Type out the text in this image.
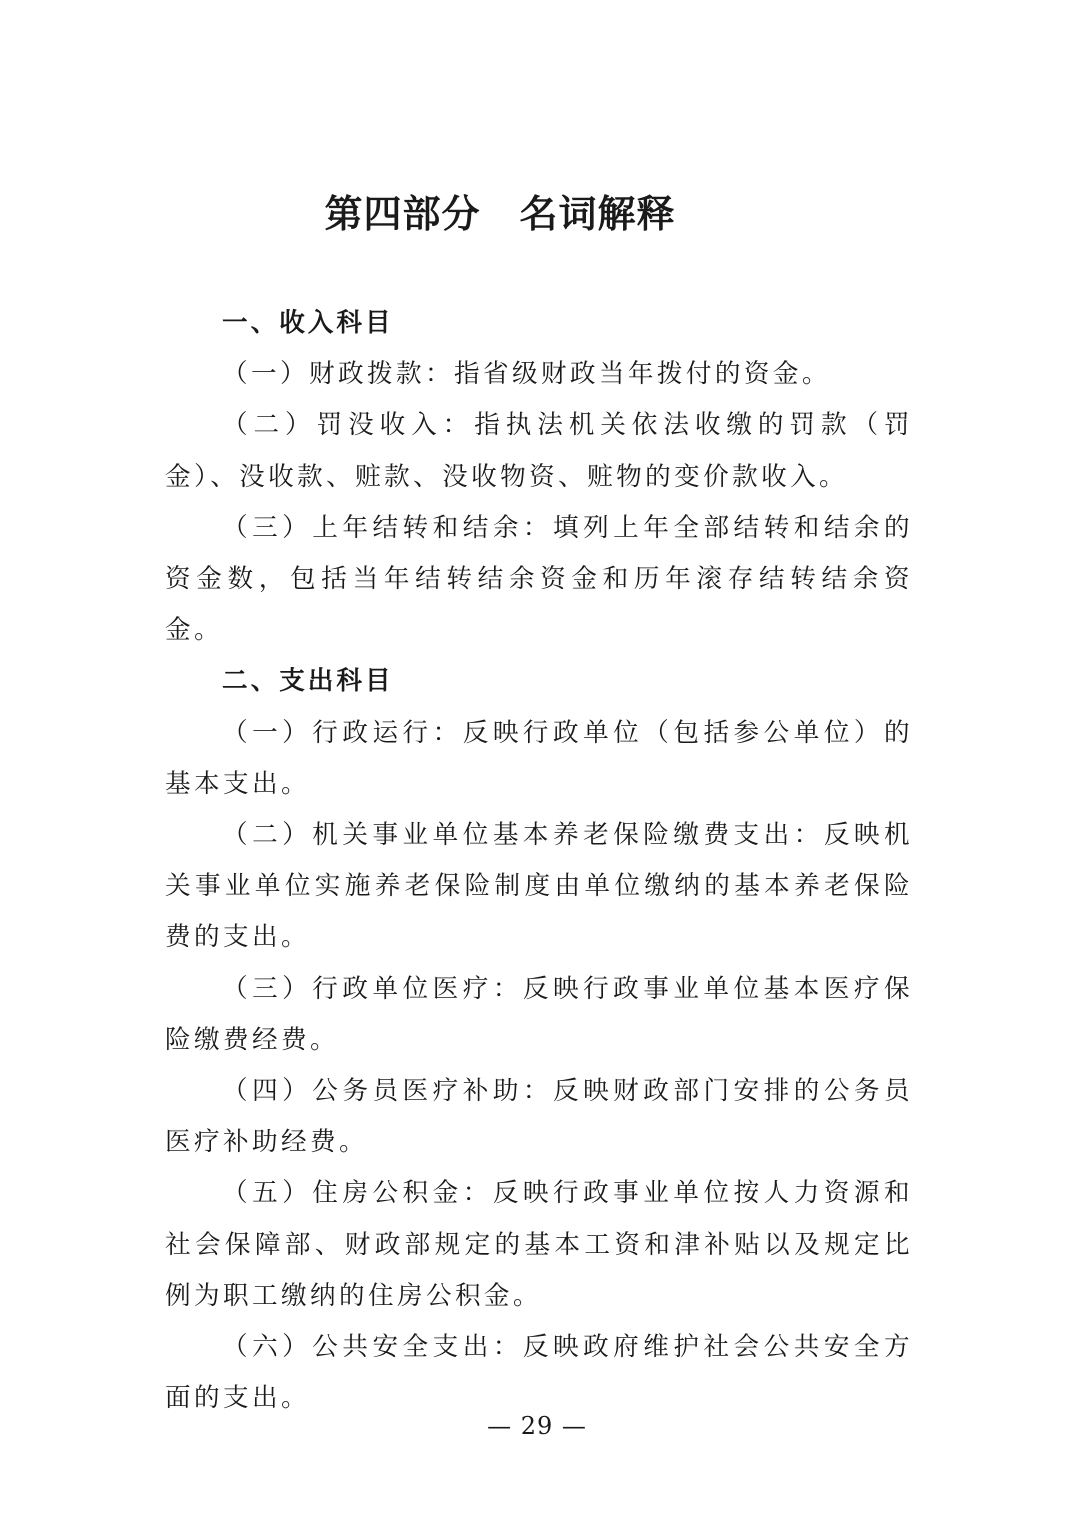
第四部分　名词解释
一、收入科目

（一）财政拨款：指省级财政当年拨付的资金。

（二）罚没收入：指执法机关依法收缴的罚款（罚金）、没收款、赃款、没收物资、赃物的变价款收入。

（三）上年结转和结余：填列上年全部结转和结余的资金数，包括当年结转结余资金和历年滚存结转结余资金。

二、支出科目

（一）行政运行：反映行政单位（包括参公单位）的基本支出。

（二）机关事业单位基本养老保险缴费支出：反映机关事业单位实施养老保险制度由单位缴纳的基本养老保险费的支出。

（三）行政单位医疗：反映行政事业单位基本医疗保险缴费经费。

（四）公务员医疗补助：反映财政部门安排的公务员医疗补助经费。

（五）住房公积金：反映行政事业单位按人力资源和社会保障部、财政部规定的基本工资和津补贴以及规定比例为职工缴纳的住房公积金。

（六）公共安全支出：反映政府维护社会公共安全方面的支出。

— 29 —
